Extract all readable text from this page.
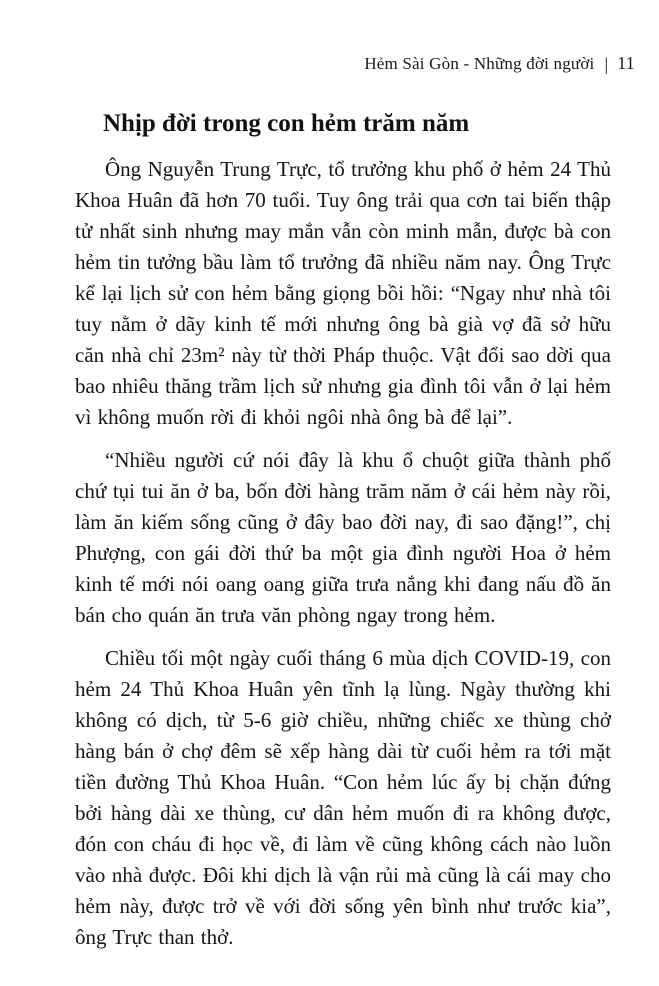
Hẻm Sài Gòn - Những đời người | 11
Nhịp đời trong con hẻm trăm năm

Ông Nguyễn Trung Trực, tổ trưởng khu phố ở hẻm 24 Thủ Khoa Huân đã hơn 70 tuổi. Tuy ông trải qua cơn tai biến thập tử nhất sinh nhưng may mắn vẫn còn minh mẫn, được bà con hẻm tin tưởng bầu làm tổ trưởng đã nhiều năm nay. Ông Trực kể lại lịch sử con hẻm bằng giọng bồi hồi: “Ngay như nhà tôi tuy nằm ở dãy kinh tế mới nhưng ông bà già vợ đã sở hữu căn nhà chỉ 23m² này từ thời Pháp thuộc. Vật đổi sao dời qua bao nhiêu thăng trầm lịch sử nhưng gia đình tôi vẫn ở lại hẻm vì không muốn rời đi khỏi ngôi nhà ông bà để lại”.

“Nhiều người cứ nói đây là khu ổ chuột giữa thành phố chứ tụi tui ăn ở ba, bốn đời hàng trăm năm ở cái hẻm này rồi, làm ăn kiếm sống cũng ở đây bao đời nay, đi sao đặng!”, chị Phượng, con gái đời thứ ba một gia đình người Hoa ở hẻm kinh tế mới nói oang oang giữa trưa nắng khi đang nấu đồ ăn bán cho quán ăn trưa văn phòng ngay trong hẻm.

Chiều tối một ngày cuối tháng 6 mùa dịch COVID-19, con hẻm 24 Thủ Khoa Huân yên tĩnh lạ lùng. Ngày thường khi không có dịch, từ 5-6 giờ chiều, những chiếc xe thùng chở hàng bán ở chợ đêm sẽ xếp hàng dài từ cuối hẻm ra tới mặt tiền đường Thủ Khoa Huân. “Con hẻm lúc ấy bị chặn đứng bởi hàng dài xe thùng, cư dân hẻm muốn đi ra không được, đón con cháu đi học về, đi làm về cũng không cách nào luồn vào nhà được. Đôi khi dịch là vận rủi mà cũng là cái may cho hẻm này, được trở về với đời sống yên bình như trước kia”, ông Trực than thở.
